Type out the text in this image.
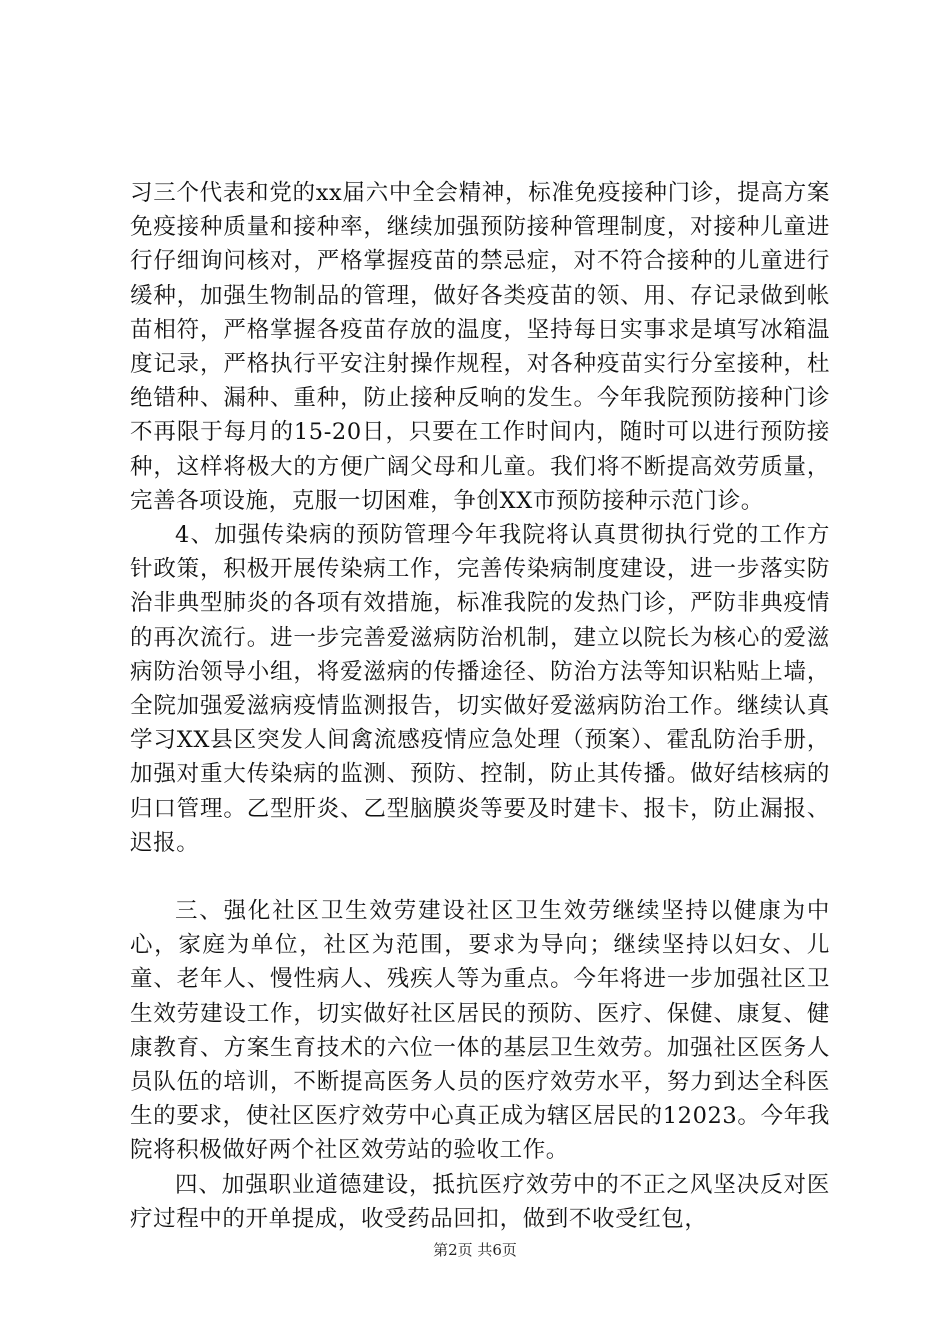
习三个代表和党的xx届六中全会精神，标准免疫接种门诊，提高方案免疫接种质量和接种率，继续加强预防接种管理制度，对接种儿童进行仔细询问核对，严格掌握疫苗的禁忌症，对不符合接种的儿童进行缓种，加强生物制品的管理，做好各类疫苗的领、用、存记录做到帐苗相符，严格掌握各疫苗存放的温度，坚持每日实事求是填写冰箱温度记录，严格执行平安注射操作规程，对各种疫苗实行分室接种，杜绝错种、漏种、重种，防止接种反响的发生。今年我院预防接种门诊不再限于每月的15-20日，只要在工作时间内，随时可以进行预防接种，这样将极大的方便广阔父母和儿童。我们将不断提高效劳质量，完善各项设施，克服一切困难，争创XX市预防接种示范门诊。

4、加强传染病的预防管理今年我院将认真贯彻执行党的工作方针政策，积极开展传染病工作，完善传染病制度建设，进一步落实防治非典型肺炎的各项有效措施，标准我院的发热门诊，严防非典疫情的再次流行。进一步完善爱滋病防治机制，建立以院长为核心的爱滋病防治领导小组，将爱滋病的传播途径、防治方法等知识粘贴上墙，全院加强爱滋病疫情监测报告，切实做好爱滋病防治工作。继续认真学习XX县区突发人间禽流感疫情应急处理（预案）、霍乱防治手册，加强对重大传染病的监测、预防、控制，防止其传播。做好结核病的归口管理。乙型肝炎、乙型脑膜炎等要及时建卡、报卡，防止漏报、迟报。

三、强化社区卫生效劳建设社区卫生效劳继续坚持以健康为中心，家庭为单位，社区为范围，要求为导向；继续坚持以妇女、儿童、老年人、慢性病人、残疾人等为重点。今年将进一步加强社区卫生效劳建设工作，切实做好社区居民的预防、医疗、保健、康复、健康教育、方案生育技术的六位一体的基层卫生效劳。加强社区医务人员队伍的培训，不断提高医务人员的医疗效劳水平，努力到达全科医生的要求，使社区医疗效劳中心真正成为辖区居民的12023。今年我院将积极做好两个社区效劳站的验收工作。

四、加强职业道德建设，抵抗医疗效劳中的不正之风坚决反对医疗过程中的开单提成，收受药品回扣，做到不收受红包，

第2页 共6页
